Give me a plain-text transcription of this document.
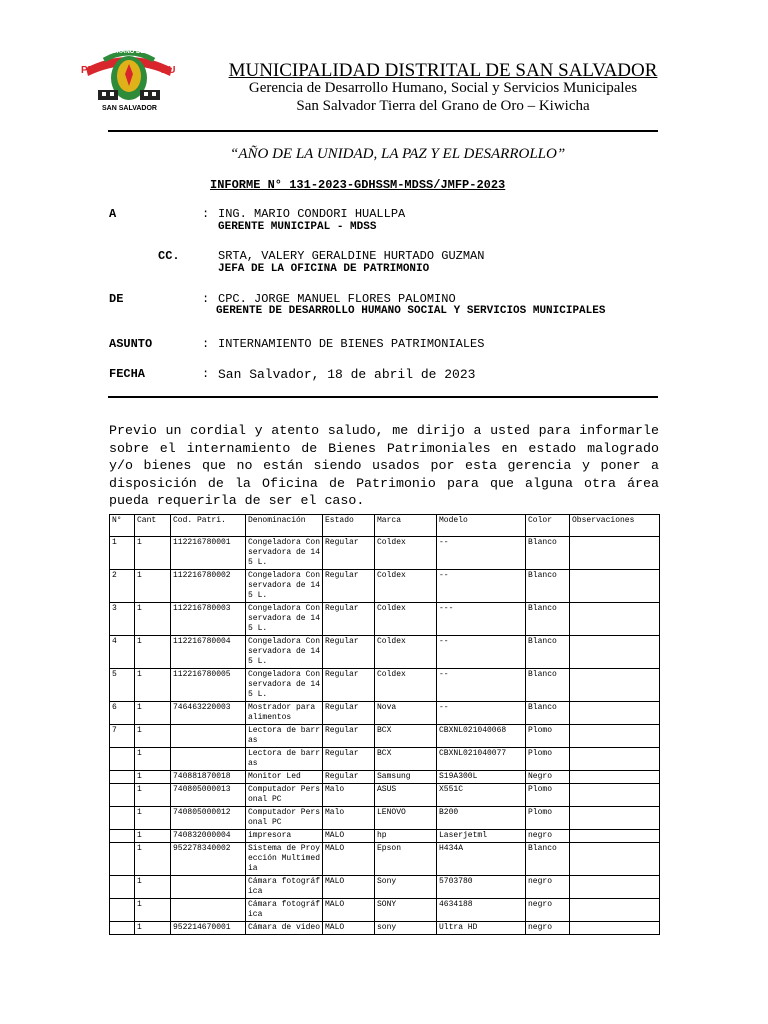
PE	RU
GRANO DE ORO
SAN SALVADOR
MUNICIPALIDAD DISTRITAL DE SAN SALVADOR
Gerencia de Desarrollo Humano, Social y Servicios Municipales
San Salvador Tierra del Grano de Oro – Kiwicha
“AÑO DE LA UNIDAD, LA PAZ Y EL DESARROLLO”
INFORME N° 131-2023-GDHSSM-MDSS/JMFP-2023
A	: ING. MARIO CONDORI HUALLPA
GERENTE MUNICIPAL - MDSS
CC.	SRTA, VALERY GERALDINE HURTADO GUZMAN
JEFA DE LA OFICINA DE PATRIMONIO
DE	: CPC. JORGE MANUEL FLORES PALOMINO
GERENTE DE DESARROLLO HUMANO SOCIAL Y SERVICIOS MUNICIPALES
ASUNTO	: INTERNAMIENTO DE BIENES PATRIMONIALES
FECHA	: San Salvador, 18 de abril de 2023
Previo un cordial y atento saludo, me dirijo a usted para informarle sobre el internamiento de Bienes Patrimoniales en estado malogrado y/o bienes que no están siendo usados por esta gerencia y poner a disposición de la Oficina de Patrimonio para que alguna otra área pueda requerirla de ser el caso.
N°	Cant	Cod. Patri.	Denominación	Estado	Marca	Modelo	Color	Observaciones
1	1	112216780001	Congeladora Conservadora de 145 L.	Regular	Coldex	--	Blanco	
2	1	112216780002	Congeladora Conservadora de 145 L.	Regular	Coldex	--	Blanco	
3	1	112216780003	Congeladora Conservadora de 145 L.	Regular	Coldex	---	Blanco	
4	1	112216780004	Congeladora Conservadora de 145 L.	Regular	Coldex	--	Blanco	
5	1	112216780005	Congeladora Conservadora de 145 L.	Regular	Coldex	--	Blanco	
6	1	746463220003	Mostrador para alimentos	Regular	Nova	--	Blanco	
7	1		Lectora de barras	Regular	BCX	CBXNL021040068	Plomo	
	1		Lectora de barras	Regular	BCX	CBXNL021040077	Plomo	
	1	740881870018	Monitor Led	Regular	Samsung	S19A300L	Negro	
	1	740805000013	Computador Personal PC	Malo	ASUS	X551C	Plomo	
	1	740805000012	Computador Personal PC	Malo	LENOVO	B200	Plomo	
	1	740832000004	impresora	MALO	hp	Laserjetml	negro	
	1	952278340002	Sistema de Proyección Multimedia	MALO	Epson	H434A	Blanco	
	1		Cámara fotográfica	MALO	Sony	5703780	negro	
	1		Cámara fotográfica	MALO	SONY	4634188	negro	
	1	952214670001	Cámara de video	MALO	sony	Ultra HD	negro	
